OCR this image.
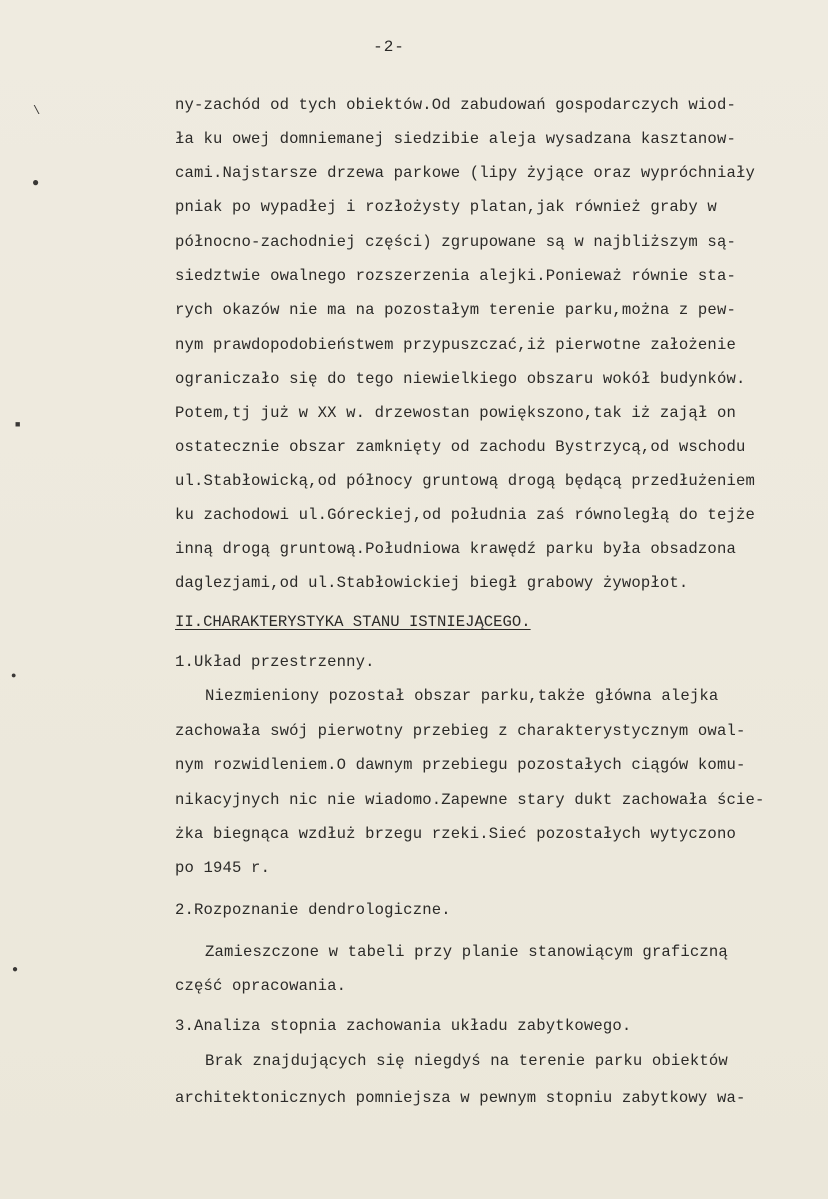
-2-
\
●
■
●
●
ny-zachód od tych obiektów.Od zabudowań gospodarczych wiod-
ła ku owej domniemanej siedzibie aleja wysadzana kasztanow-
cami.Najstarsze drzewa parkowe (lipy żyjące oraz wypróchniały
pniak po wypadłej i rozłożysty platan,jak również graby w
północno-zachodniej części) zgrupowane są w najbliższym są-
siedztwie owalnego rozszerzenia alejki.Ponieważ równie sta-
rych okazów nie ma na pozostałym terenie parku,można z pew-
nym prawdopodobieństwem przypuszczać,iż pierwotne założenie
ograniczało się do tego niewielkiego obszaru wokół budynków.
Potem,tj już w XX w. drzewostan powiększono,tak iż zajął on
ostatecznie obszar zamknięty od zachodu Bystrzycą,od wschodu
ul.Stabłowicką,od północy gruntową drogą będącą przedłużeniem
ku zachodowi ul.Góreckiej,od południa zaś równoległą do tejże
inną drogą gruntową.Południowa krawędź parku była obsadzona
daglezjami,od ul.Stabłowickiej biegł grabowy żywopłot.
II.CHARAKTERYSTYKA STANU ISTNIEJĄCEGO.
1.Układ przestrzenny.
Niezmieniony pozostał obszar parku,także główna alejka
zachowała swój pierwotny przebieg z charakterystycznym owal-
nym rozwidleniem.O dawnym przebiegu pozostałych ciągów komu-
nikacyjnych nic nie wiadomo.Zapewne stary dukt zachowała ście-
żka biegnąca wzdłuż brzegu rzeki.Sieć pozostałych wytyczono
po 1945 r.
2.Rozpoznanie dendrologiczne.
Zamieszczone w tabeli przy planie stanowiącym graficzną
część opracowania.
3.Analiza stopnia zachowania układu zabytkowego.
Brak znajdujących się niegdyś na terenie parku obiektów
architektonicznych pomniejsza w pewnym stopniu zabytkowy wa-
